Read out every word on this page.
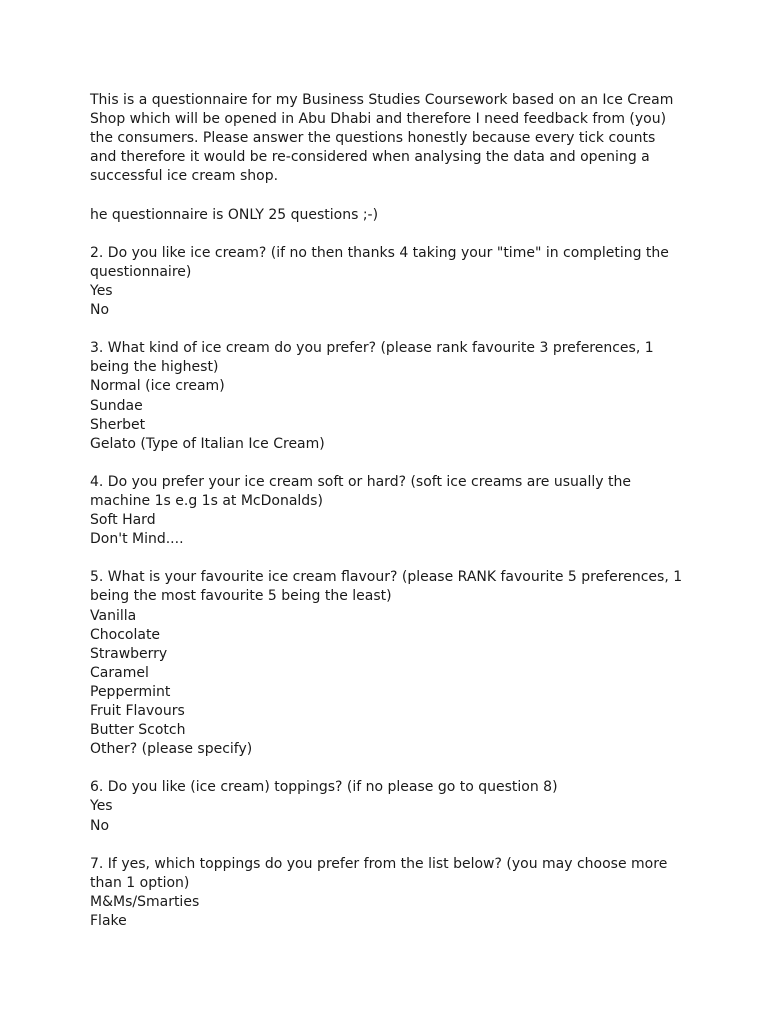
This is a questionnaire for my Business Studies Coursework based on an Ice Cream
Shop which will be opened in Abu Dhabi and therefore I need feedback from (you)
the consumers. Please answer the questions honestly because every tick counts
and therefore it would be re-considered when analysing the data and opening a
successful ice cream shop.
he questionnaire is ONLY 25 questions ;-)
2. Do you like ice cream? (if no then thanks 4 taking your "time" in completing the
questionnaire)
Yes
No
3. What kind of ice cream do you prefer? (please rank favourite 3 preferences, 1
being the highest)
Normal (ice cream)
Sundae
Sherbet
Gelato (Type of Italian Ice Cream)
4. Do you prefer your ice cream soft or hard? (soft ice creams are usually the
machine 1s e.g 1s at McDonalds)
Soft Hard
Don't Mind....
5. What is your favourite ice cream flavour? (please RANK favourite 5 preferences, 1
being the most favourite 5 being the least)
Vanilla
Chocolate
Strawberry
Caramel
Peppermint
Fruit Flavours
Butter Scotch
Other? (please specify)
6. Do you like (ice cream) toppings? (if no please go to question 8)
Yes
No
7. If yes, which toppings do you prefer from the list below? (you may choose more
than 1 option)
M&Ms/Smarties
Flake
